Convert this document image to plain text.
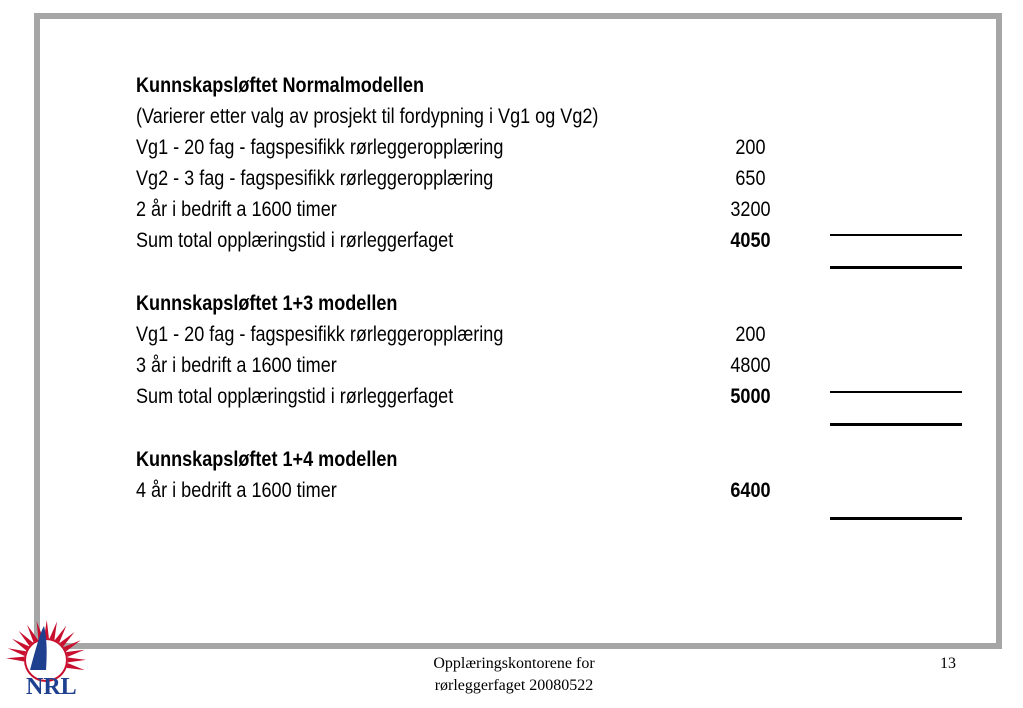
Kunnskapsløftet Normalmodellen
(Varierer etter valg av prosjekt til fordypning i Vg1 og Vg2)
Vg1 - 20 fag - fagspesifikk rørleggeropplæring	200
Vg2 - 3 fag - fagspesifikk rørleggeropplæring	650
2 år i bedrift a 1600 timer	3200
Sum total opplæringstid i rørleggerfaget	4050
Kunnskapsløftet 1+3 modellen
Vg1 - 20 fag - fagspesifikk rørleggeropplæring	200
3 år i bedrift a 1600 timer	4800
Sum total opplæringstid i rørleggerfaget	5000
Kunnskapsløftet 1+4 modellen
4 år i bedrift a 1600 timer	6400
NRL
Opplæringskontorene for
rørleggerfaget 20080522
13
